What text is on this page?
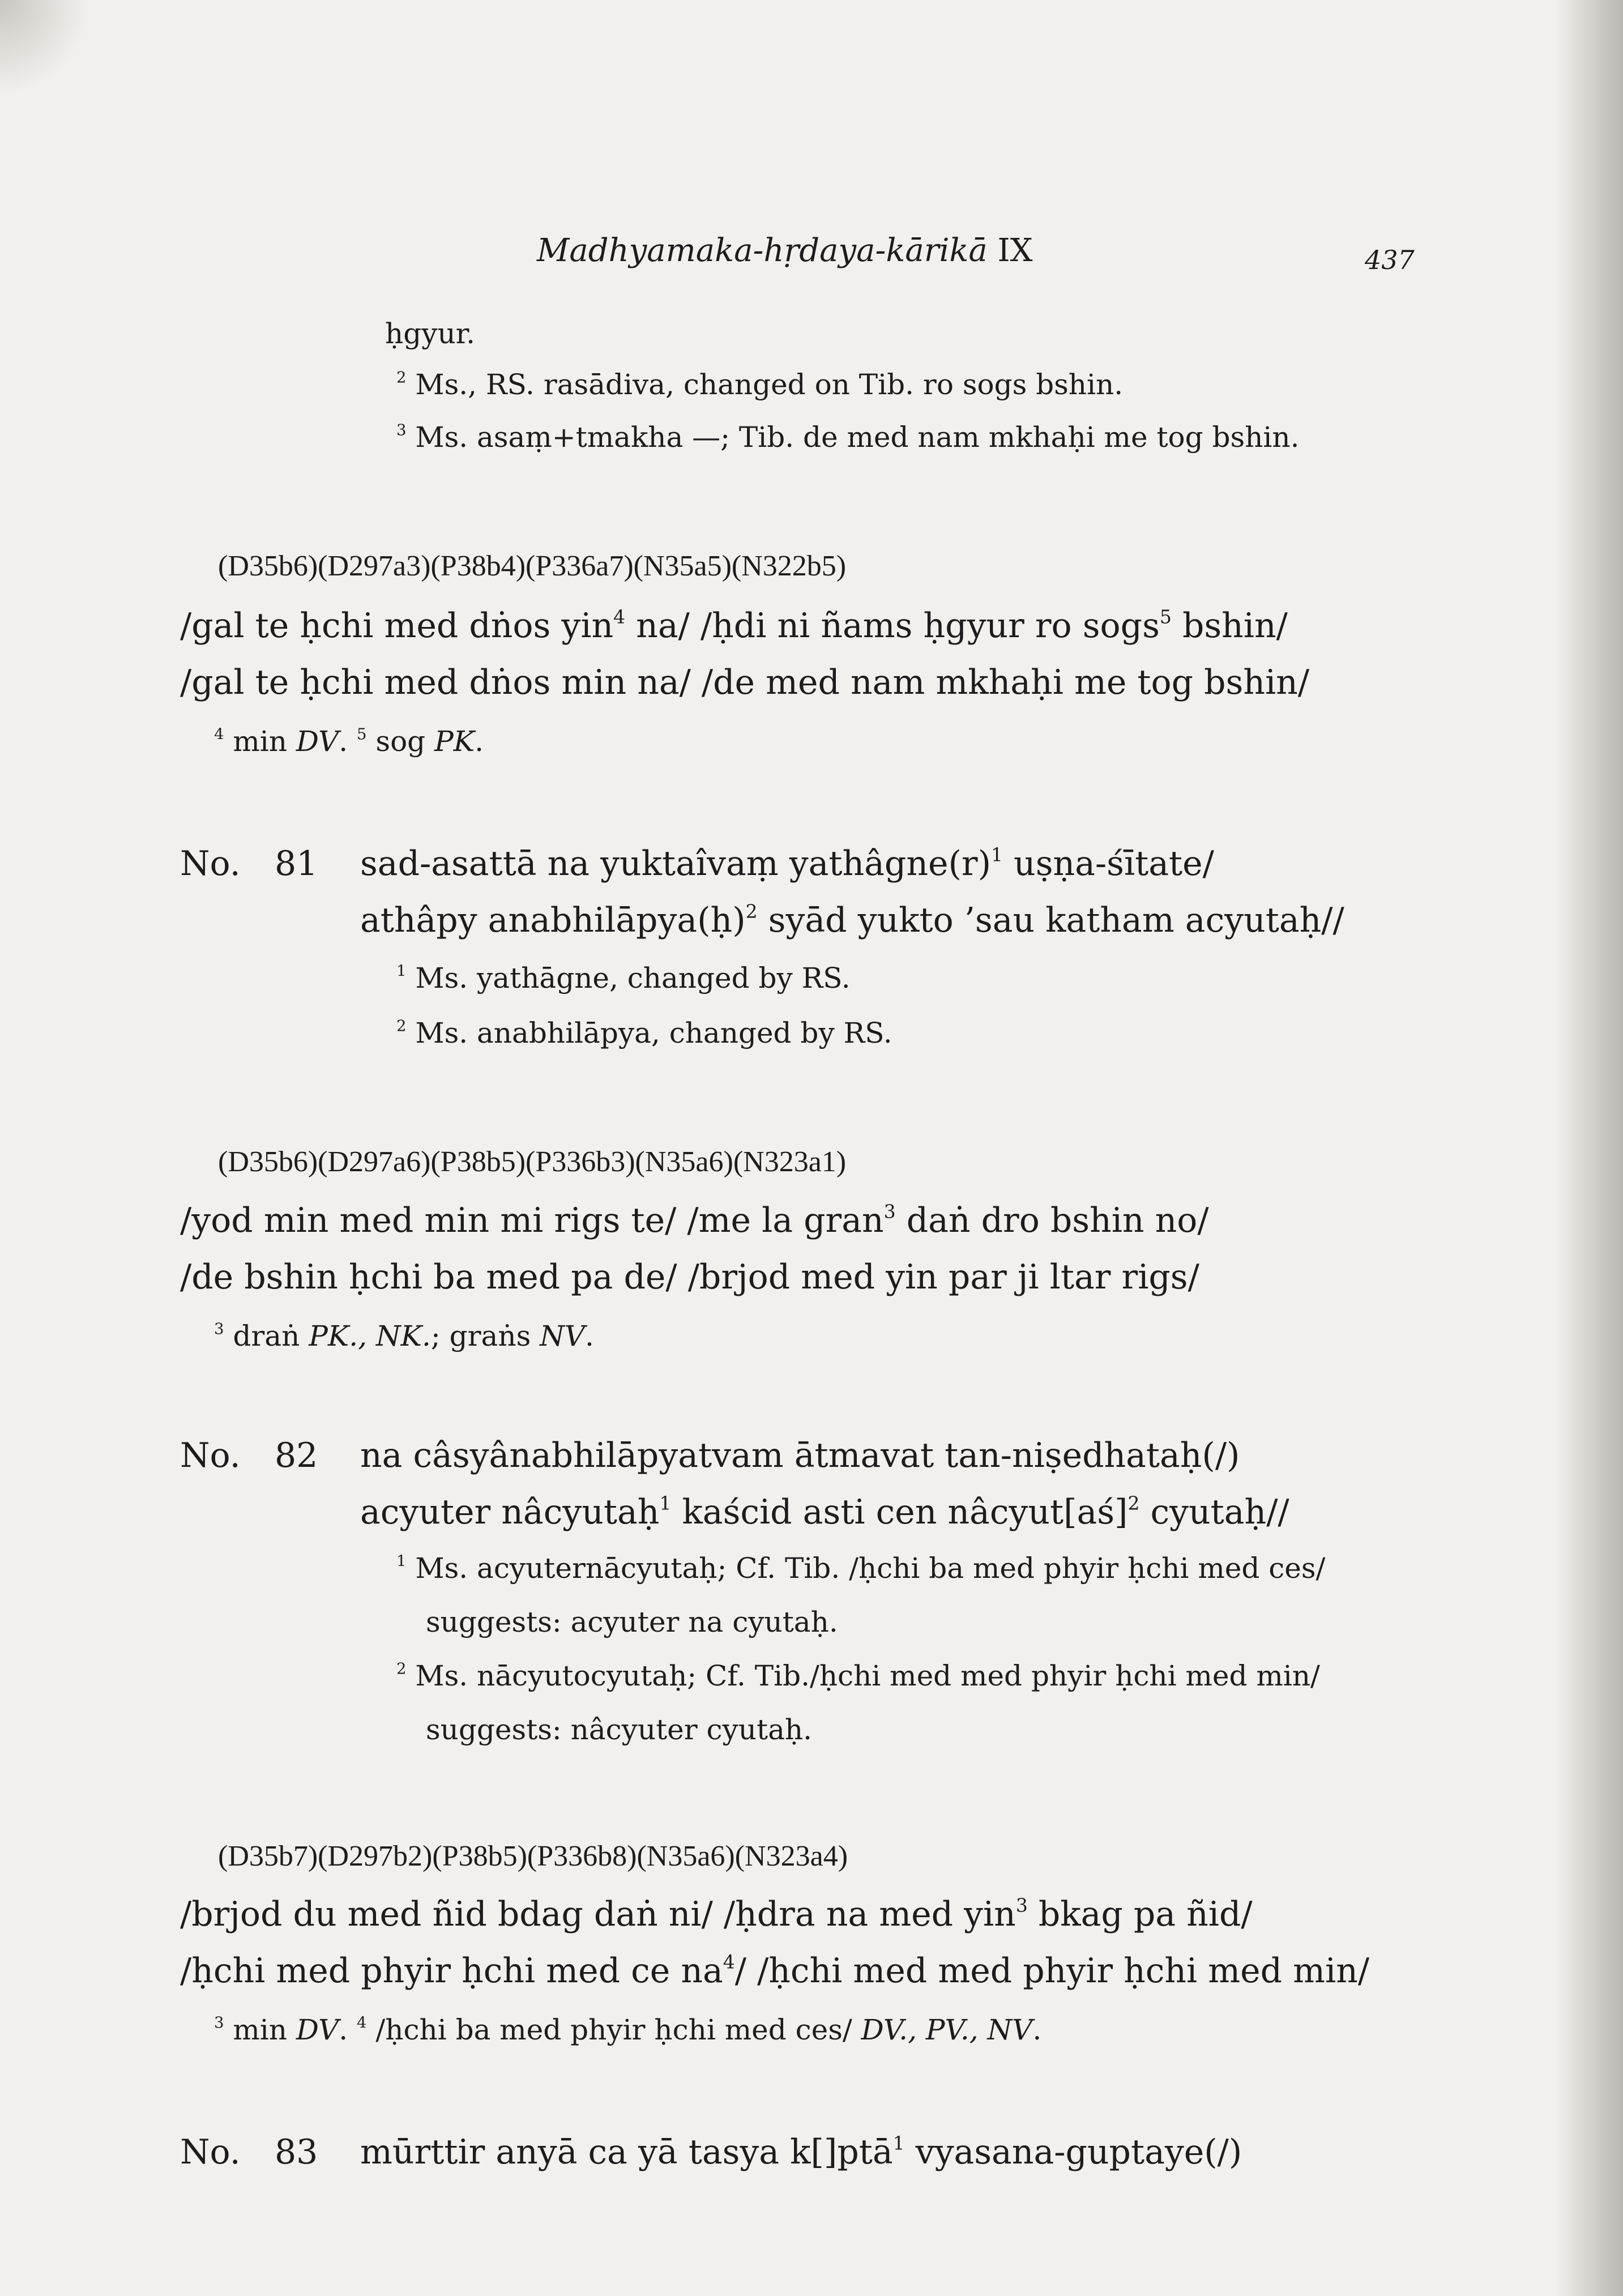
Madhyamaka-hṛdaya-kārikā IX	437
ḥgyur.
$^2$ Ms., RS. rasādiva, changed on Tib. ro sogs bshin.
$^3$ Ms. asaṃ+tmakha —; Tib. de med nam mkhaḥi me tog bshin.
(D35b6)(D297a3)(P38b4)(P336a7)(N35a5)(N322b5)
/gal te ḥchi med dṅos yin$^4$ na/ /ḥdi ni ñams ḥgyur ro sogs$^5$ bshin/
/gal te ḥchi med dṅos min na/ /de med nam mkhaḥi me tog bshin/
$^4$ min DV. $^5$ sog PK.
No. 81 sad-asattā na yuktaîvaṃ $yathâgne(r)^1$ uṣṇa-śītate/
athâpy anabhilāpya(ḥ)$^2$ syād yukto ’sau katham acyutaḥ//
$^1$ Ms. yathāgne, changed by RS.
$^2$ Ms. anabhilāpya, changed by RS.
(D35b6)(D297a6)(P38b5)(P336b3)(N35a6)(N323a1)
/yod min med min mi rigs te/ /me la gran$^3$ daṅ dro bshin no/
/de bshin ḥchi ba med pa de/ /brjod med yin par ji ltar rigs/
$^3$ draṅ PK., NK.; graṅs NV.
No. 82 na câsyânabhilāpyatvam ātmavat tan-niṣedhataḥ(/)
acyuter nâcyutaḥ$^1$ kaścid asti cen nâcyut[aś]$^2$ cyutaḥ//
$^1$ Ms. acyuternācyutaḥ; Cf. Tib. /ḥchi ba med phyir ḥchi med ces/
suggests: acyuter na cyutaḥ.
$^2$ Ms. nācyutocyutaḥ; Cf. Tib./ḥchi med med phyir ḥchi med min/
suggests: nâcyuter cyutaḥ.
(D35b7)(D297b2)(P38b5)(P336b8)(N35a6)(N323a4)
/brjod du med ñid bdag daṅ ni/ /ḥdra na med yin$^3$ bkag pa ñid/
/ḥchi med phyir ḥchi med ce $na^4/$ /ḥchi med med phyir ḥchi med min/
$^3$ min DV. $^4$ /ḥchi ba med phyir ḥchi med ces/ DV., PV., NV.
No. 83 mūrttir anyā ca yā tasya k[]ptā$^1$ vyasana-guptaye(/)
